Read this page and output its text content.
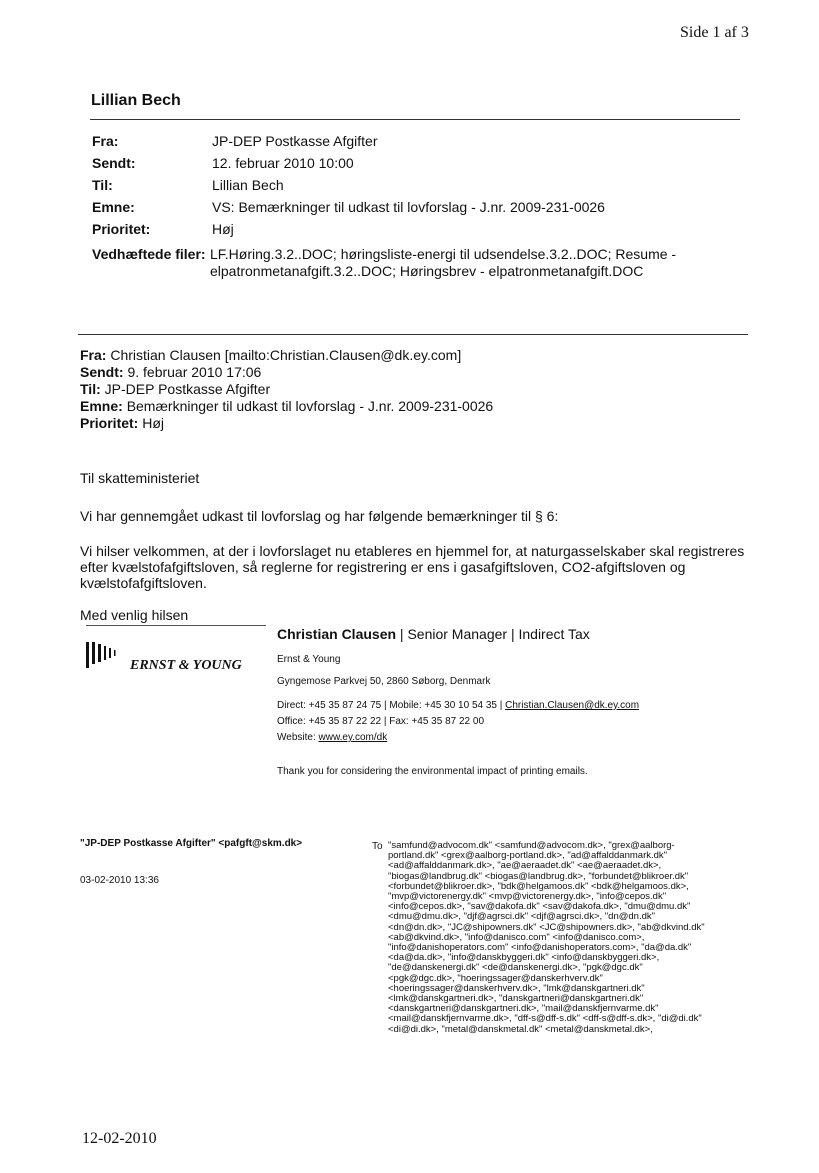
Side 1 af 3
Lillian Bech
Fra:	JP-DEP Postkasse Afgifter
Sendt:	12. februar 2010 10:00
Til:	Lillian Bech
Emne:	VS: Bemærkninger til udkast til lovforslag - J.nr. 2009-231-0026
Prioritet:	Høj
Vedhæftede filer: LF.Høring.3.2..DOC; høringsliste-energi til udsendelse.3.2..DOC; Resume - elpatronmetanafgift.3.2..DOC; Høringsbrev - elpatronmetanafgift.DOC
Fra: Christian Clausen [mailto:Christian.Clausen@dk.ey.com]
Sendt: 9. februar 2010 17:06
Til: JP-DEP Postkasse Afgifter
Emne: Bemærkninger til udkast til lovforslag - J.nr. 2009-231-0026
Prioritet: Høj
Til skatteministeriet
Vi har gennemgået udkast til lovforslag og har følgende bemærkninger til § 6:
Vi hilser velkommen, at der i lovforslaget nu etableres en hjemmel for, at naturgasselskaber skal registreres
efter kvælstofafgiftsloven, så reglerne for registrering er ens i gasafgiftsloven, CO2-afgiftsloven og
kvælstofafgiftsloven.
Med venlig hilsen
ERNST & YOUNG
Christian Clausen | Senior Manager | Indirect Tax
Ernst & Young
Gyngemose Parkvej 50, 2860 Søborg, Denmark
Direct: +45 35 87 24 75 | Mobile: +45 30 10 54 35 | Christian.Clausen@dk.ey.com
Office: +45 35 87 22 22 | Fax: +45 35 87 22 00
Website: www.ey.com/dk
Thank you for considering the environmental impact of printing emails.
"JP-DEP Postkasse Afgifter" <pafgft@skm.dk>
03-02-2010 13:36
To "samfund@advocom.dk" <samfund@advocom.dk>, "grex@aalborg-
portland.dk" <grex@aalborg-portland.dk>, "ad@affalddanmark.dk"
<ad@affalddanmark.dk>, "ae@aeraadet.dk" <ae@aeraadet.dk>,
"biogas@landbrug.dk" <biogas@landbrug.dk>, "forbundet@blikroer.dk"
<forbundet@blikroer.dk>, "bdk@helgamoos.dk" <bdk@helgamoos.dk>,
"mvp@victorenergy.dk" <mvp@victorenergy.dk>, "info@cepos.dk"
<info@cepos.dk>, "sav@dakofa.dk" <sav@dakofa.dk>, "dmu@dmu.dk"
<dmu@dmu.dk>, "djf@agrsci.dk" <djf@agrsci.dk>, "dn@dn.dk"
<dn@dn.dk>, "JC@shipowners.dk" <JC@shipowners.dk>, "ab@dkvind.dk"
<ab@dkvind.dk>, "info@danisco.com" <info@danisco.com>,
"info@danishoperators.com" <info@danishoperators.com>, "da@da.dk"
<da@da.dk>, "info@danskbyggeri.dk" <info@danskbyggeri.dk>,
"de@danskenergi.dk" <de@danskenergi.dk>, "pgk@dgc.dk"
<pgk@dgc.dk>, "hoeringssager@danskerhverv.dk"
<hoeringssager@danskerhverv.dk>, "lmk@danskgartneri.dk"
<lmk@danskgartneri.dk>, "danskgartneri@danskgartneri.dk"
<danskgartneri@danskgartneri.dk>, "mail@danskfjernvarme.dk"
<mail@danskfjernvarme.dk>, "dff-s@dff-s.dk" <dff-s@dff-s.dk>, "di@di.dk"
<di@di.dk>, "metal@danskmetal.dk" <metal@danskmetal.dk>,
12-02-2010
